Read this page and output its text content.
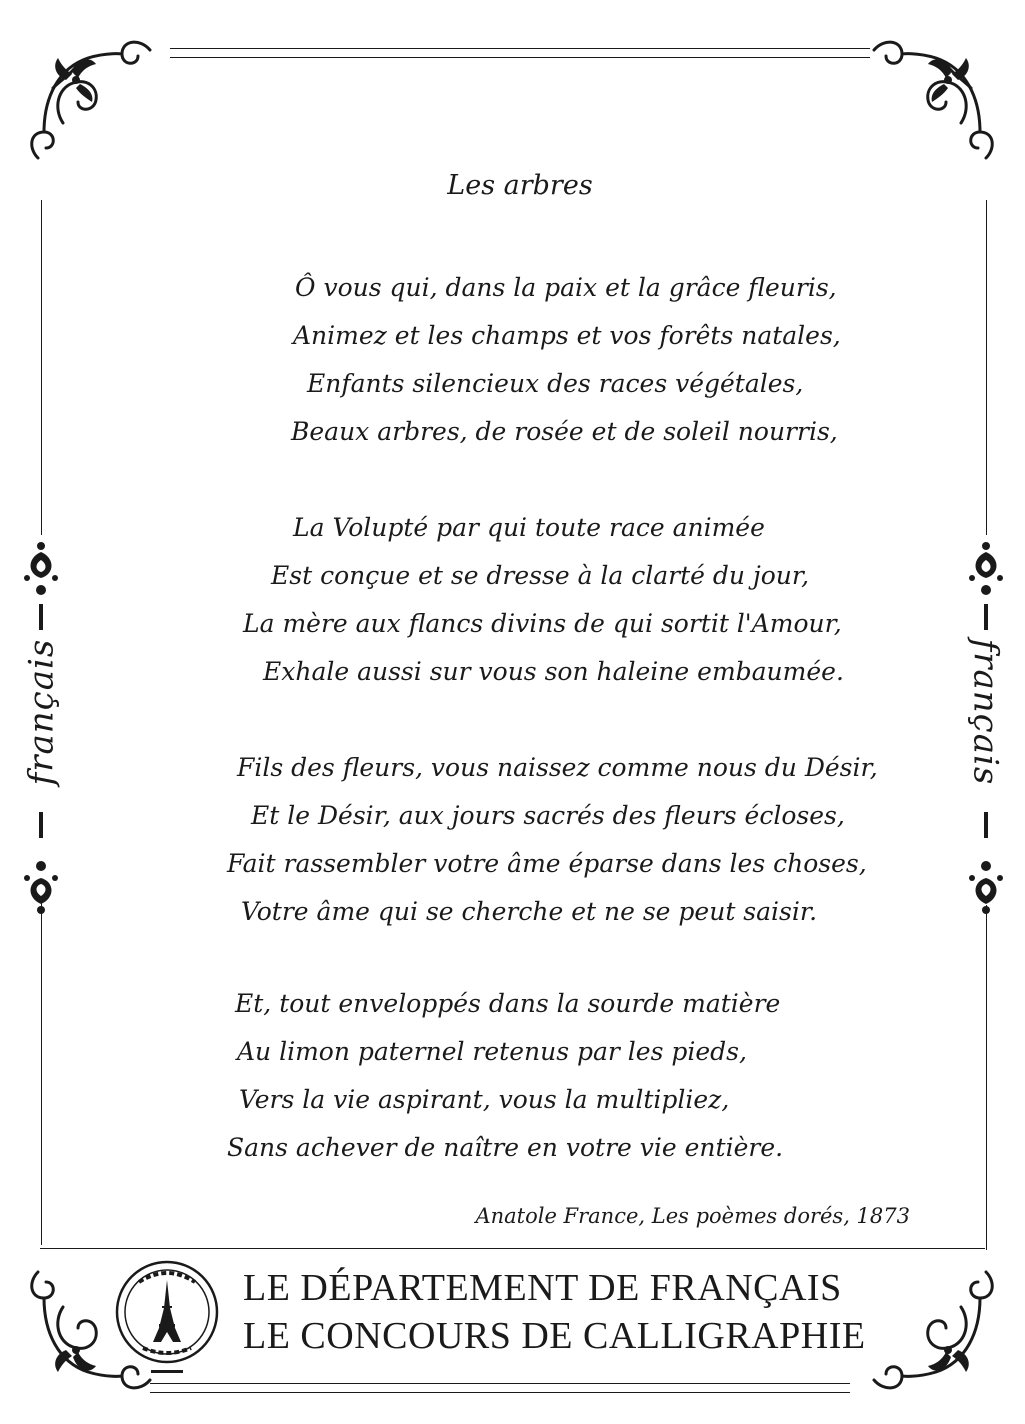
français	français
Les arbres
Ô vous qui, dans la paix et la grâce fleuris,
Animez et les champs et vos forêts natales,
Enfants silencieux des races végétales,
Beaux arbres, de rosée et de soleil nourris,
La Volupté par qui toute race animée
Est conçue et se dresse à la clarté du jour,
La mère aux flancs divins de qui sortit l'Amour,
Exhale aussi sur vous son haleine embaumée.
Fils des fleurs, vous naissez comme nous du Désir,
Et le Désir, aux jours sacrés des fleurs écloses,
Fait rassembler votre âme éparse dans les choses,
Votre âme qui se cherche et ne se peut saisir.
Et, tout enveloppés dans la sourde matière
Au limon paternel retenus par les pieds,
Vers la vie aspirant, vous la multipliez,
Sans achever de naître en votre vie entière.
Anatole France, Les poèmes dorés, 1873
LE DÉPARTEMENT DE FRANÇAIS
LE CONCOURS DE CALLIGRAPHIE
